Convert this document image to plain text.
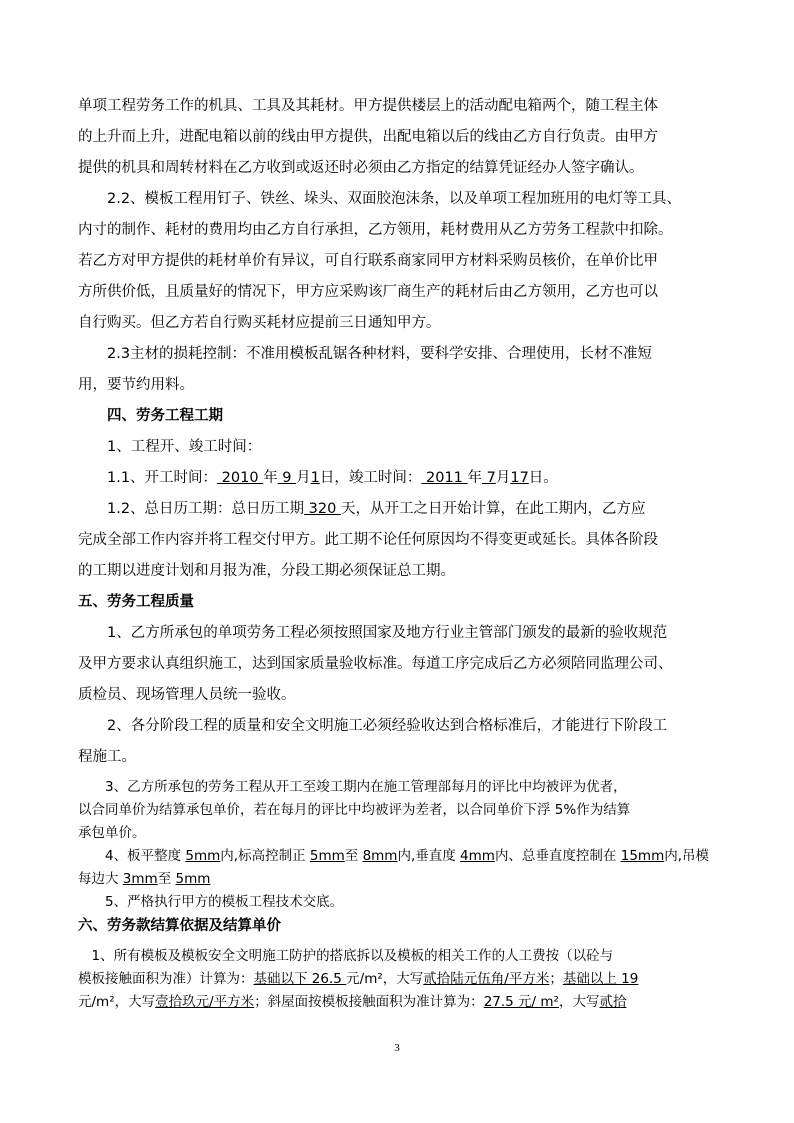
单项工程劳务工作的机具、工具及其耗材。甲方提供楼层上的活动配电箱两个，随工程主体
的上升而上升，进配电箱以前的线由甲方提供，出配电箱以后的线由乙方自行负责。由甲方
提供的机具和周转材料在乙方收到或返还时必须由乙方指定的结算凭证经办人签字确认。
　　2.2、模板工程用钉子、铁丝、垛头、双面胶泡沫条，以及单项工程加班用的电灯等工具、
内寸的制作、耗材的费用均由乙方自行承担，乙方领用，耗材费用从乙方劳务工程款中扣除。
若乙方对甲方提供的耗材单价有异议，可自行联系商家同甲方材料采购员核价，在单价比甲
方所供价低，且质量好的情况下，甲方应采购该厂商生产的耗材后由乙方领用，乙方也可以
自行购买。但乙方若自行购买耗材应提前三日通知甲方。
　　2.3主材的损耗控制：不准用模板乱锯各种材料，要科学安排、合理使用，长材不准短
用，要节约用料。
　　四、劳务工程工期
　　1、工程开、竣工时间：
　　1.1、开工时间： 2010 年 9 月1日，竣工时间： 2011 年 7月17日。
　　1.2、总日历工期：总日历工期 320 天，从开工之日开始计算，在此工期内，乙方应
完成全部工作内容并将工程交付甲方。此工期不论任何原因均不得变更或延长。具体各阶段
的工期以进度计划和月报为准，分段工期必须保证总工期。
五、劳务工程质量
　　1、乙方所承包的单项劳务工程必须按照国家及地方行业主管部门颁发的最新的验收规范
及甲方要求认真组织施工，达到国家质量验收标准。每道工序完成后乙方必须陪同监理公司、
质检员、现场管理人员统一验收。
　　2、各分阶段工程的质量和安全文明施工必须经验收达到合格标准后，才能进行下阶段工
程施工。
　　3、乙方所承包的劳务工程从开工至竣工期内在施工管理部每月的评比中均被评为优者，
以合同单价为结算承包单价，若在每月的评比中均被评为差者，以合同单价下浮 5%作为结算
承包单价。
　　4、板平整度 5mm内,标高控制正 5mm至 8mm内,垂直度 4mm内、总垂直度控制在 15mm内,吊模
每边大 3mm至 5mm
　　5、严格执行甲方的模板工程技术交底。
六、劳务款结算依据及结算单价
　1、所有模板及模板安全文明施工防护的搭底拆以及模板的相关工作的人工费按（以砼与
模板接触面积为准）计算为：基础以下 26.5 元/m²，大写贰拾陆元伍角/平方米；基础以上 19
元/m²，大写壹拾玖元/平方米；斜屋面按模板接触面积为准计算为：27.5 元/ m²，大写贰拾
3
